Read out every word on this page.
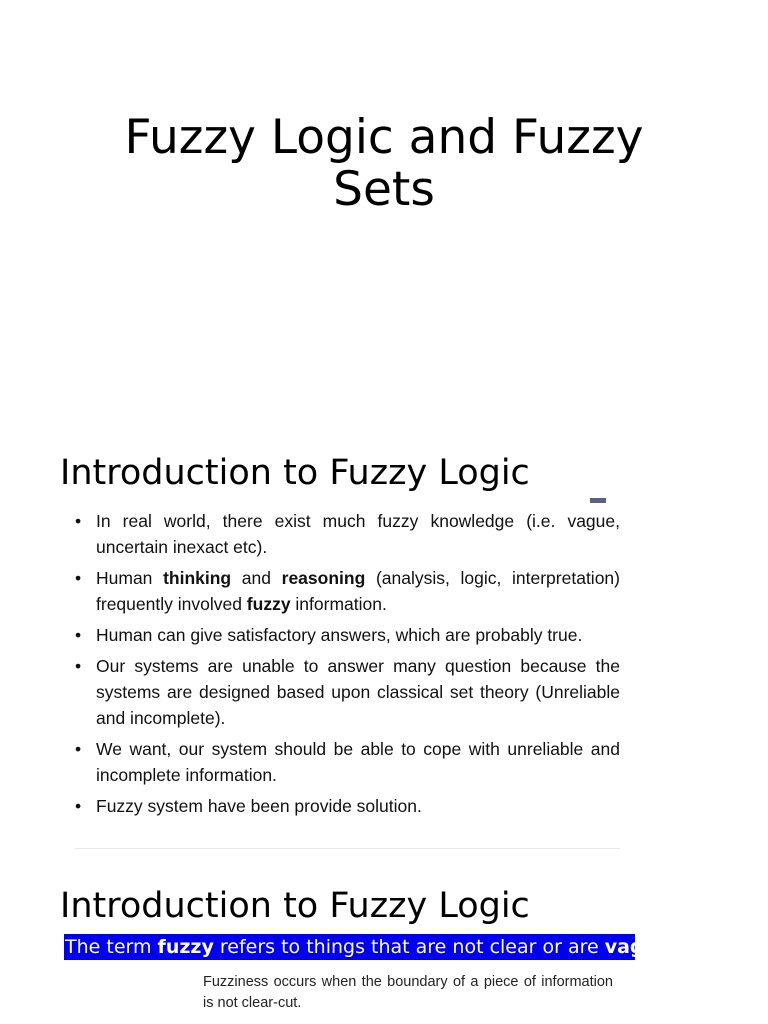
Fuzzy Logic and Fuzzy
Sets
Introduction to Fuzzy Logic
• In real world, there exist much fuzzy knowledge (i.e. vague, uncertain inexact etc).
• Human thinking and reasoning (analysis, logic, interpretation) frequently involved fuzzy information.
• Human can give satisfactory answers, which are probably true.
• Our systems are unable to answer many question because the systems are designed based upon classical set theory (Unreliable and incomplete).
• We want, our system should be able to cope with unreliable and incomplete information.
• Fuzzy system have been provide solution.
Introduction to Fuzzy Logic
The term fuzzy refers to things that are not clear or are vague.
Fuzziness occurs when the boundary of a piece of information is not clear-cut.
